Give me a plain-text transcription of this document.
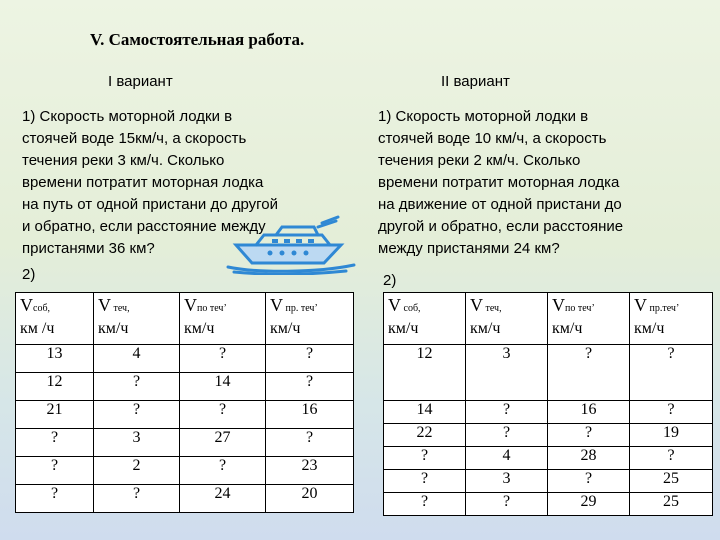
V. Самостоятельная работа.
I вариант	II вариант
1) Скорость моторной лодки в
стоячей воде 15км/ч, а скорость
течения реки 3 км/ч. Сколько
времени потратит моторная лодка
на путь от одной пристани до другой
и обратно, если расстояние между
пристанями 36 км?
1) Скорость моторной лодки в
стоячей воде 10 км/ч, а скорость
течения реки 2 км/ч. Сколько
времени потратит моторная лодка
на движение от одной пристани до
другой и обратно, если расстояние
между пристанями 24 км?
2)	2)
Vсоб,
км /ч	V теч,
км/ч	Vпо теч’
км/ч	V пр. теч’
км/ч
13	4	?	?
12	?	14	?
21	?	?	16
?	3	27	?
?	2	?	23
?	?	24	20
V соб,
км/ч	V теч,
км/ч	Vпо теч’
км/ч	V пр.теч’
км/ч
12	3	?	?
14	?	16	?
22	?	?	19
?	4	28	?
?	3	?	25
?	?	29	25
